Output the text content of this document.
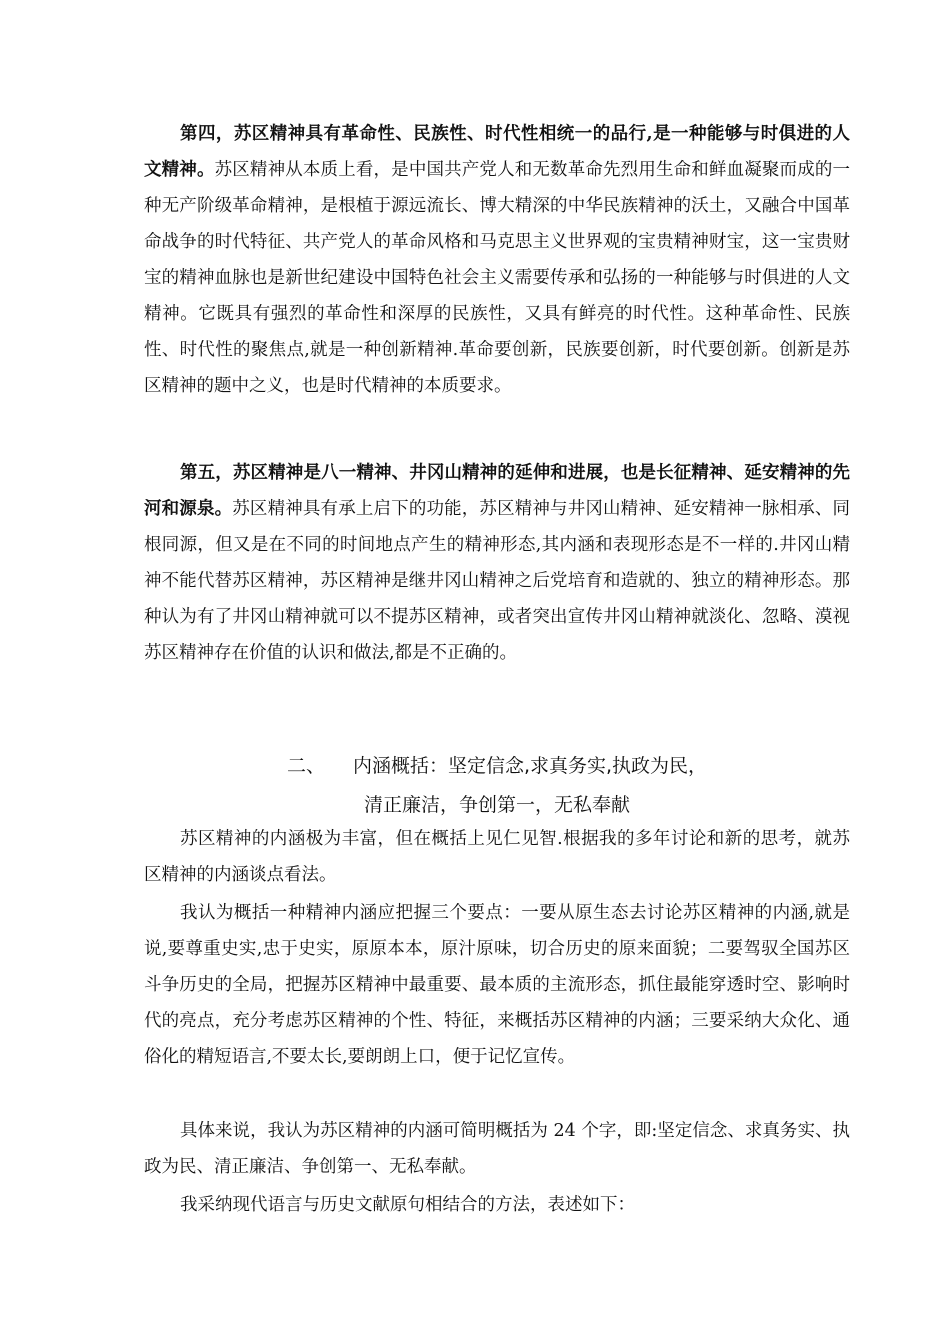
第四，苏区精神具有革命性、民族性、时代性相统一的品行,是一种能够与时俱进的人文精神。苏区精神从本质上看，是中国共产党人和无数革命先烈用生命和鲜血凝聚而成的一种无产阶级革命精神，是根植于源远流长、博大精深的中华民族精神的沃土，又融合中国革命战争的时代特征、共产党人的革命风格和马克思主义世界观的宝贵精神财宝，这一宝贵财宝的精神血脉也是新世纪建设中国特色社会主义需要传承和弘扬的一种能够与时俱进的人文精神。它既具有强烈的革命性和深厚的民族性，又具有鲜亮的时代性。这种革命性、民族性、时代性的聚焦点,就是一种创新精神.革命要创新，民族要创新，时代要创新。创新是苏区精神的题中之义，也是时代精神的本质要求。

第五，苏区精神是八一精神、井冈山精神的延伸和进展，也是长征精神、延安精神的先河和源泉。苏区精神具有承上启下的功能，苏区精神与井冈山精神、延安精神一脉相承、同根同源，但又是在不同的时间地点产生的精神形态,其内涵和表现形态是不一样的.井冈山精神不能代替苏区精神，苏区精神是继井冈山精神之后党培育和造就的、独立的精神形态。那种认为有了井冈山精神就可以不提苏区精神，或者突出宣传井冈山精神就淡化、忽略、漠视苏区精神存在价值的认识和做法,都是不正确的。

二、 内涵概括：坚定信念,求真务实,执政为民，
清正廉洁，争创第一，无私奉献

苏区精神的内涵极为丰富，但在概括上见仁见智.根据我的多年讨论和新的思考，就苏区精神的内涵谈点看法。

我认为概括一种精神内涵应把握三个要点：一要从原生态去讨论苏区精神的内涵,就是说,要尊重史实,忠于史实，原原本本，原汁原味，切合历史的原来面貌；二要驾驭全国苏区斗争历史的全局，把握苏区精神中最重要、最本质的主流形态，抓住最能穿透时空、影响时代的亮点，充分考虑苏区精神的个性、特征，来概括苏区精神的内涵；三要采纳大众化、通俗化的精短语言,不要太长,要朗朗上口，便于记忆宣传。

具体来说，我认为苏区精神的内涵可简明概括为 24 个字，即:坚定信念、求真务实、执政为民、清正廉洁、争创第一、无私奉献。

我采纳现代语言与历史文献原句相结合的方法，表述如下：
